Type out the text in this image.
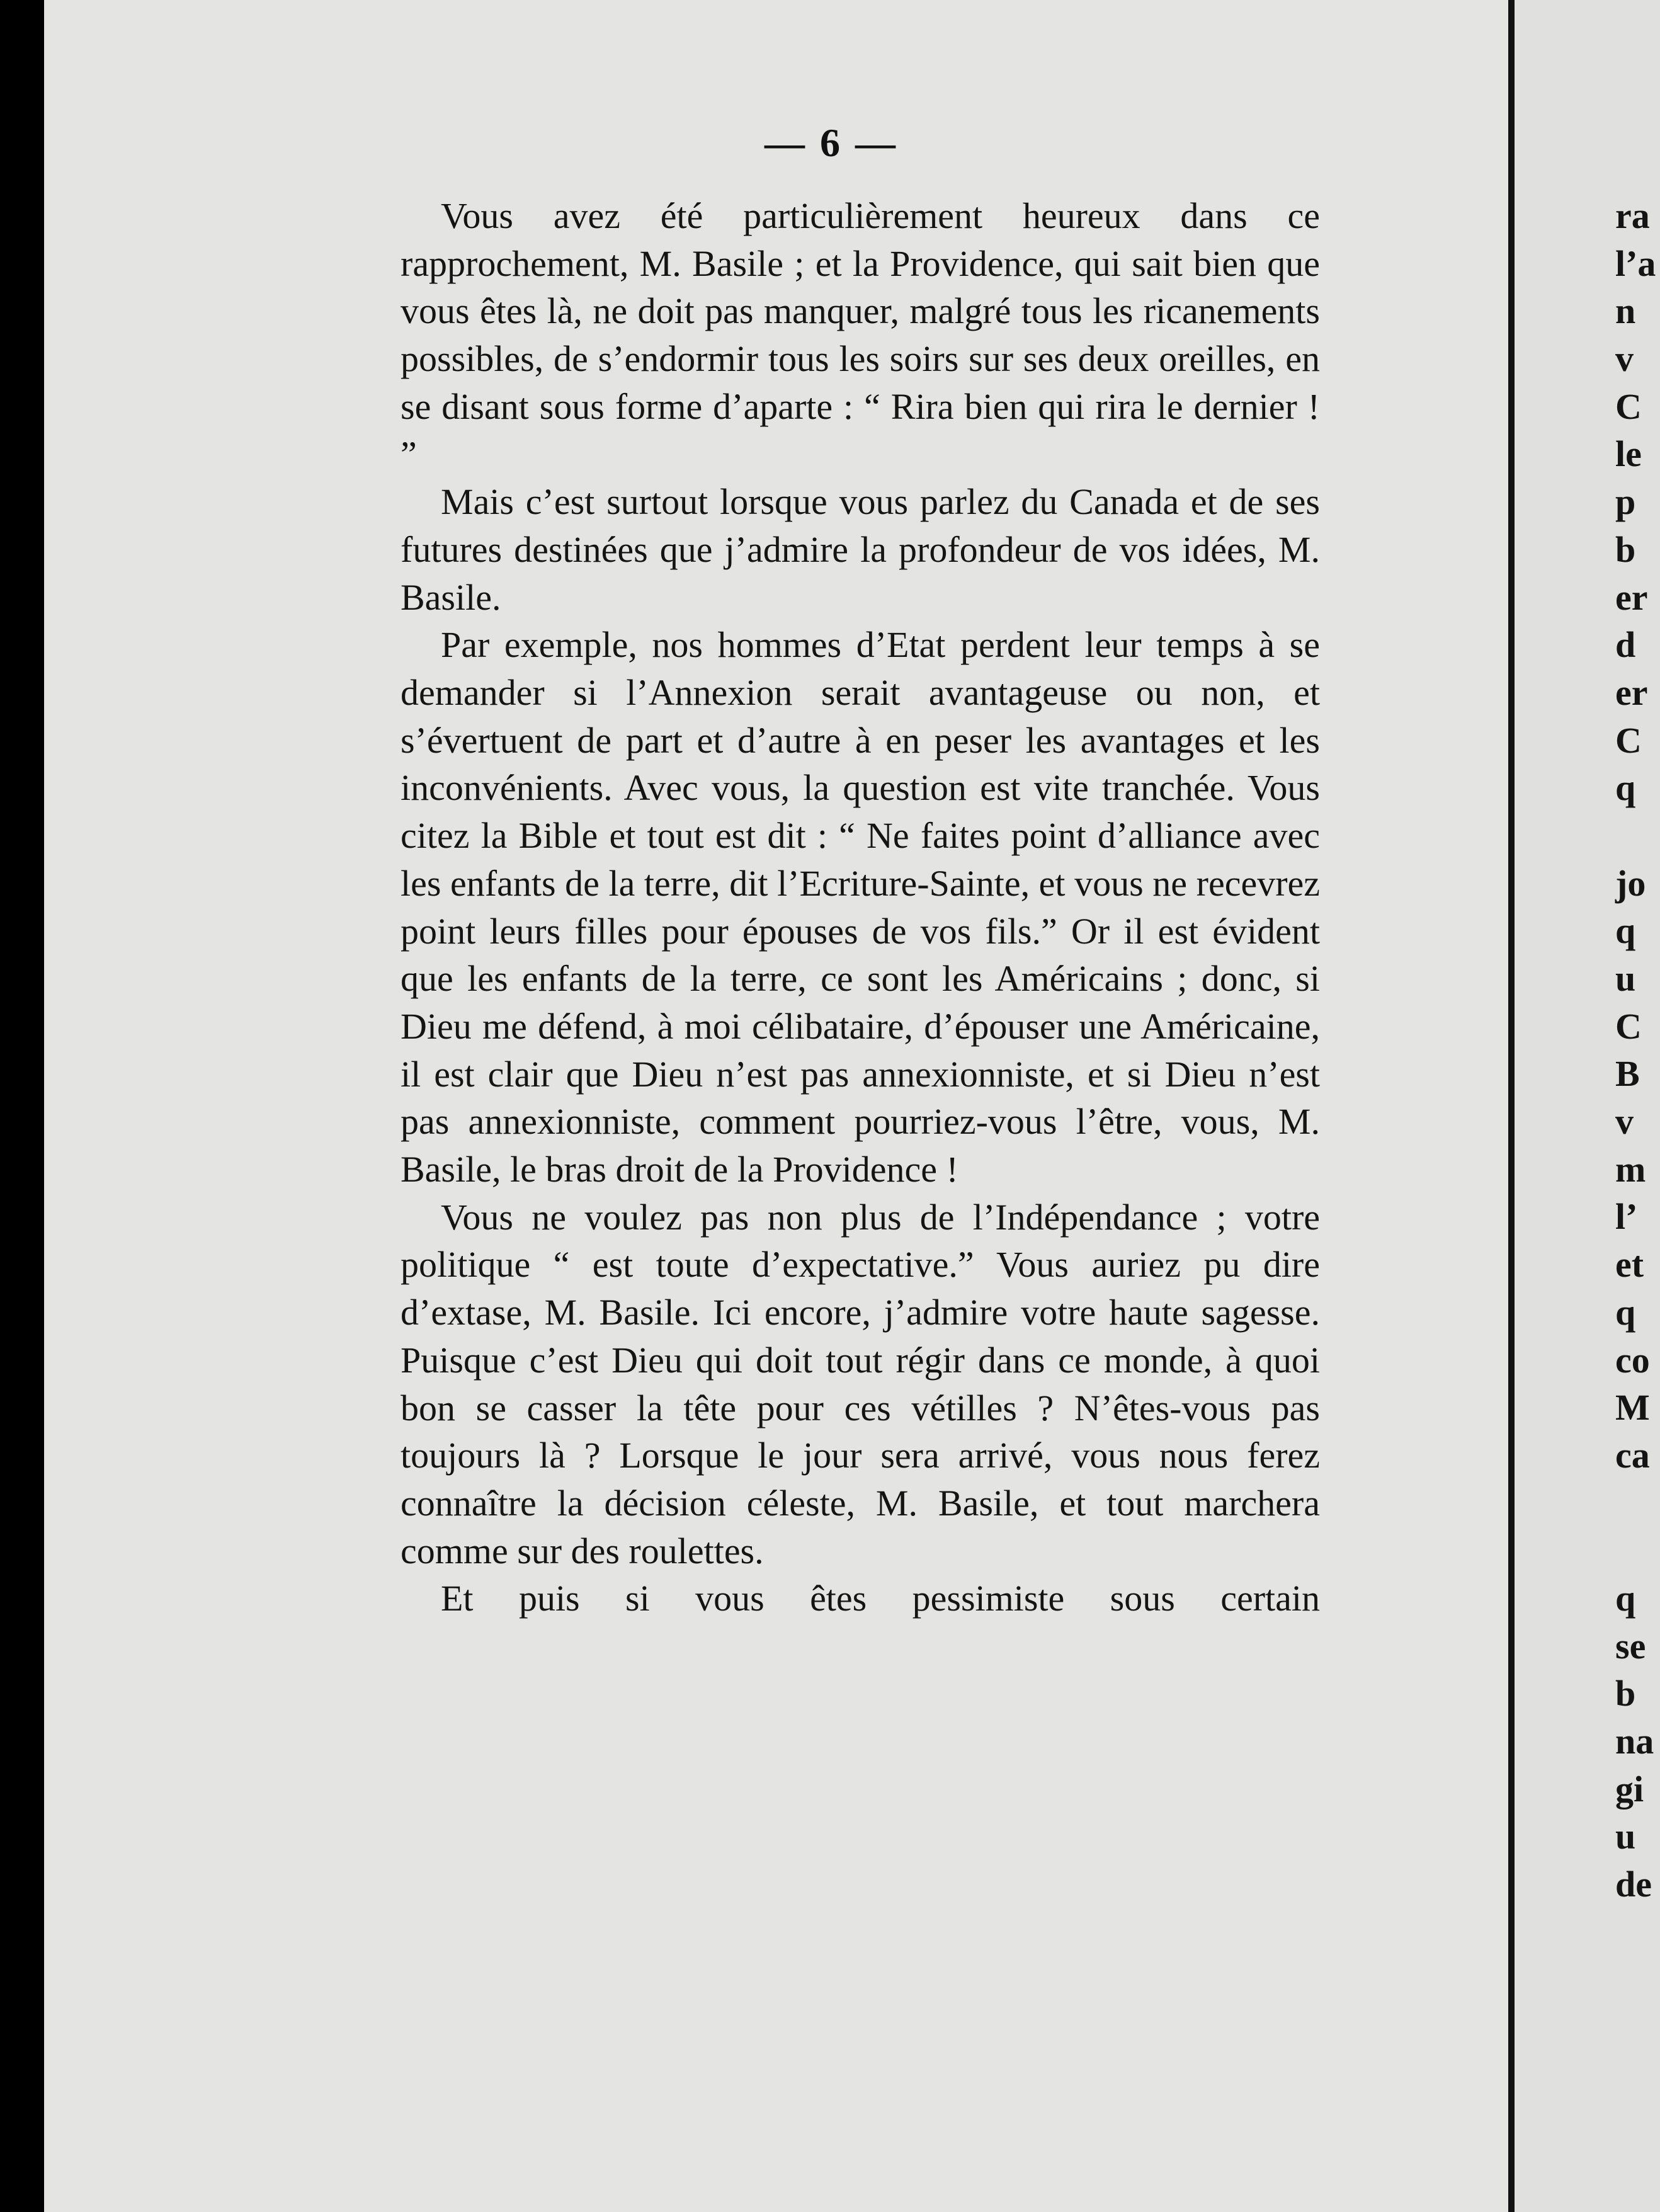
— 6 —

Vous avez été particulièrement heureux dans ce rapprochement, M. Basile ; et la Providence, qui sait bien que vous êtes là, ne doit pas manquer, malgré tous les ricanements possibles, de s’endormir tous les soirs sur ses deux oreilles, en se disant sous forme d’aparte : “ Rira bien qui rira le dernier ! ”

Mais c’est surtout lorsque vous parlez du Canada et de ses futures destinées que j’admire la profondeur de vos idées, M. Basile.

Par exemple, nos hommes d’Etat perdent leur temps à se demander si l’Annexion serait avantageuse ou non, et s’évertuent de part et d’autre à en peser les avantages et les inconvénients. Avec vous, la question est vite tranchée. Vous citez la Bible et tout est dit : “ Ne faites point d’alliance avec les enfants de la terre, dit l’Ecriture-Sainte, et vous ne recevrez point leurs filles pour épouses de vos fils.” Or il est évident que les enfants de la terre, ce sont les Américains ; donc, si Dieu me défend, à moi célibataire, d’épouser une Américaine, il est clair que Dieu n’est pas annexionniste, et si Dieu n’est pas annexionniste, comment pourriez-vous l’être, vous, M. Basile, le bras droit de la Providence !

Vous ne voulez pas non plus de l’Indépendance ; votre politique “ est toute d’expectative.” Vous auriez pu dire d’extase, M. Basile. Ici encore, j’admire votre haute sagesse. Puisque c’est Dieu qui doit tout régir dans ce monde, à quoi bon se casser la tête pour ces vétilles ? N’êtes-vous pas toujours là ? Lorsque le jour sera arrivé, vous nous ferez connaître la décision céleste, M. Basile, et tout marchera comme sur des roulettes.

Et puis si vous êtes pessimiste sous certain

ra
l’a
n
v
C
le
p
b
er
d
er
C
q
jo
q
u
C
B
v
m
l’
et
q
co
M
ca
q
se
b
na
gi
u
de
